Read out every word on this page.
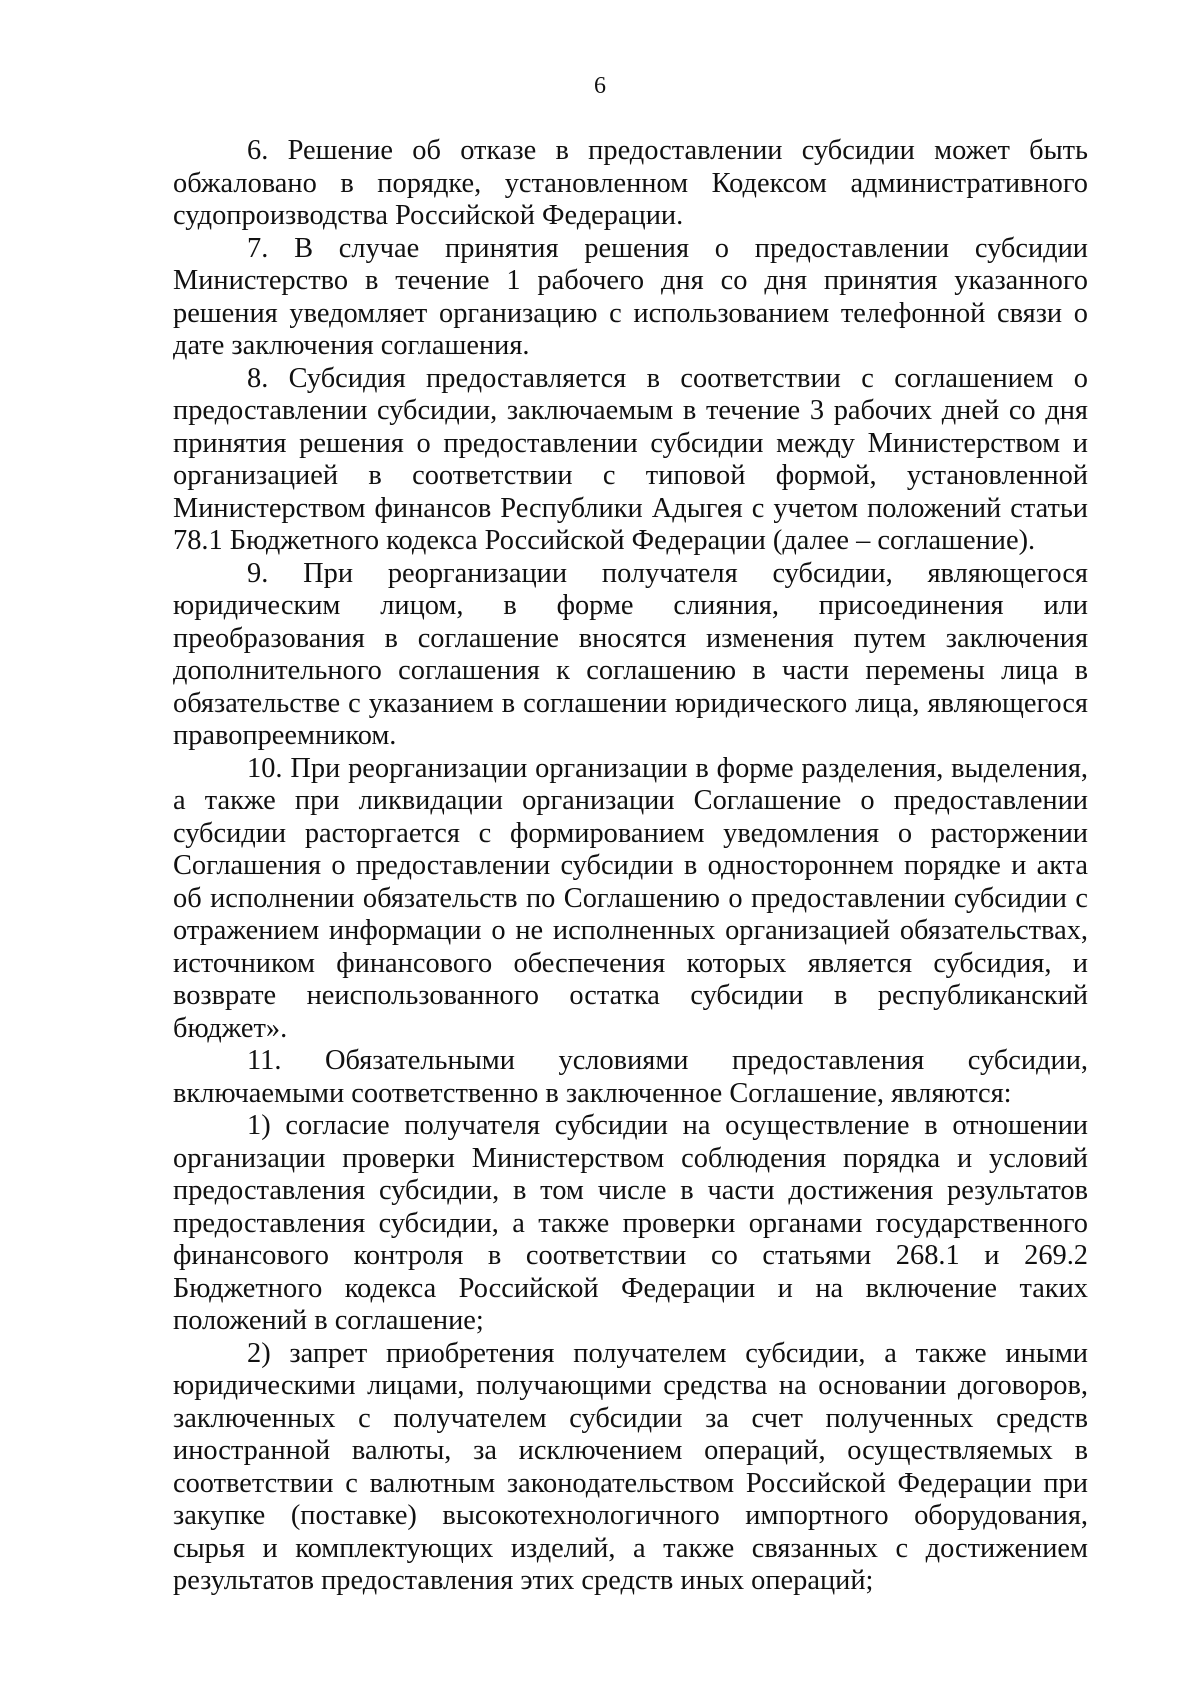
6

6. Решение об отказе в предоставлении субсидии может быть обжаловано в порядке, установленном Кодексом административного судопроизводства Российской Федерации.

7. В случае принятия решения о предоставлении субсидии Министерство в течение 1 рабочего дня со дня принятия указанного решения уведомляет организацию с использованием телефонной связи о дате заключения соглашения.

8. Субсидия предоставляется в соответствии с соглашением о предоставлении субсидии, заключаемым в течение 3 рабочих дней со дня принятия решения о предоставлении субсидии между Министерством и организацией в соответствии с типовой формой, установленной Министерством финансов Республики Адыгея с учетом положений статьи 78.1 Бюджетного кодекса Российской Федерации (далее – соглашение).

9. При реорганизации получателя субсидии, являющегося юридическим лицом, в форме слияния, присоединения или преобразования в соглашение вносятся изменения путем заключения дополнительного соглашения к соглашению в части перемены лица в обязательстве с указанием в соглашении юридического лица, являющегося правопреемником.

10. При реорганизации организации в форме разделения, выделения, а также при ликвидации организации Соглашение о предоставлении субсидии расторгается с формированием уведомления о расторжении Соглашения о предоставлении субсидии в одностороннем порядке и акта об исполнении обязательств по Соглашению о предоставлении субсидии с отражением информации о не исполненных организацией обязательствах, источником финансового обеспечения которых является субсидия, и возврате неиспользованного остатка субсидии в республиканский бюджет».

11. Обязательными условиями предоставления субсидии, включаемыми соответственно в заключенное Соглашение, являются:

1) согласие получателя субсидии на осуществление в отношении организации проверки Министерством соблюдения порядка и условий предоставления субсидии, в том числе в части достижения результатов предоставления субсидии, а также проверки органами государственного финансового контроля в соответствии со статьями 268.1 и 269.2 Бюджетного кодекса Российской Федерации и на включение таких положений в соглашение;

2) запрет приобретения получателем субсидии, а также иными юридическими лицами, получающими средства на основании договоров, заключенных с получателем субсидии за счет полученных средств иностранной валюты, за исключением операций, осуществляемых в соответствии с валютным законодательством Российской Федерации при закупке (поставке) высокотехнологичного импортного оборудования, сырья и комплектующих изделий, а также связанных с достижением результатов предоставления этих средств иных операций;
